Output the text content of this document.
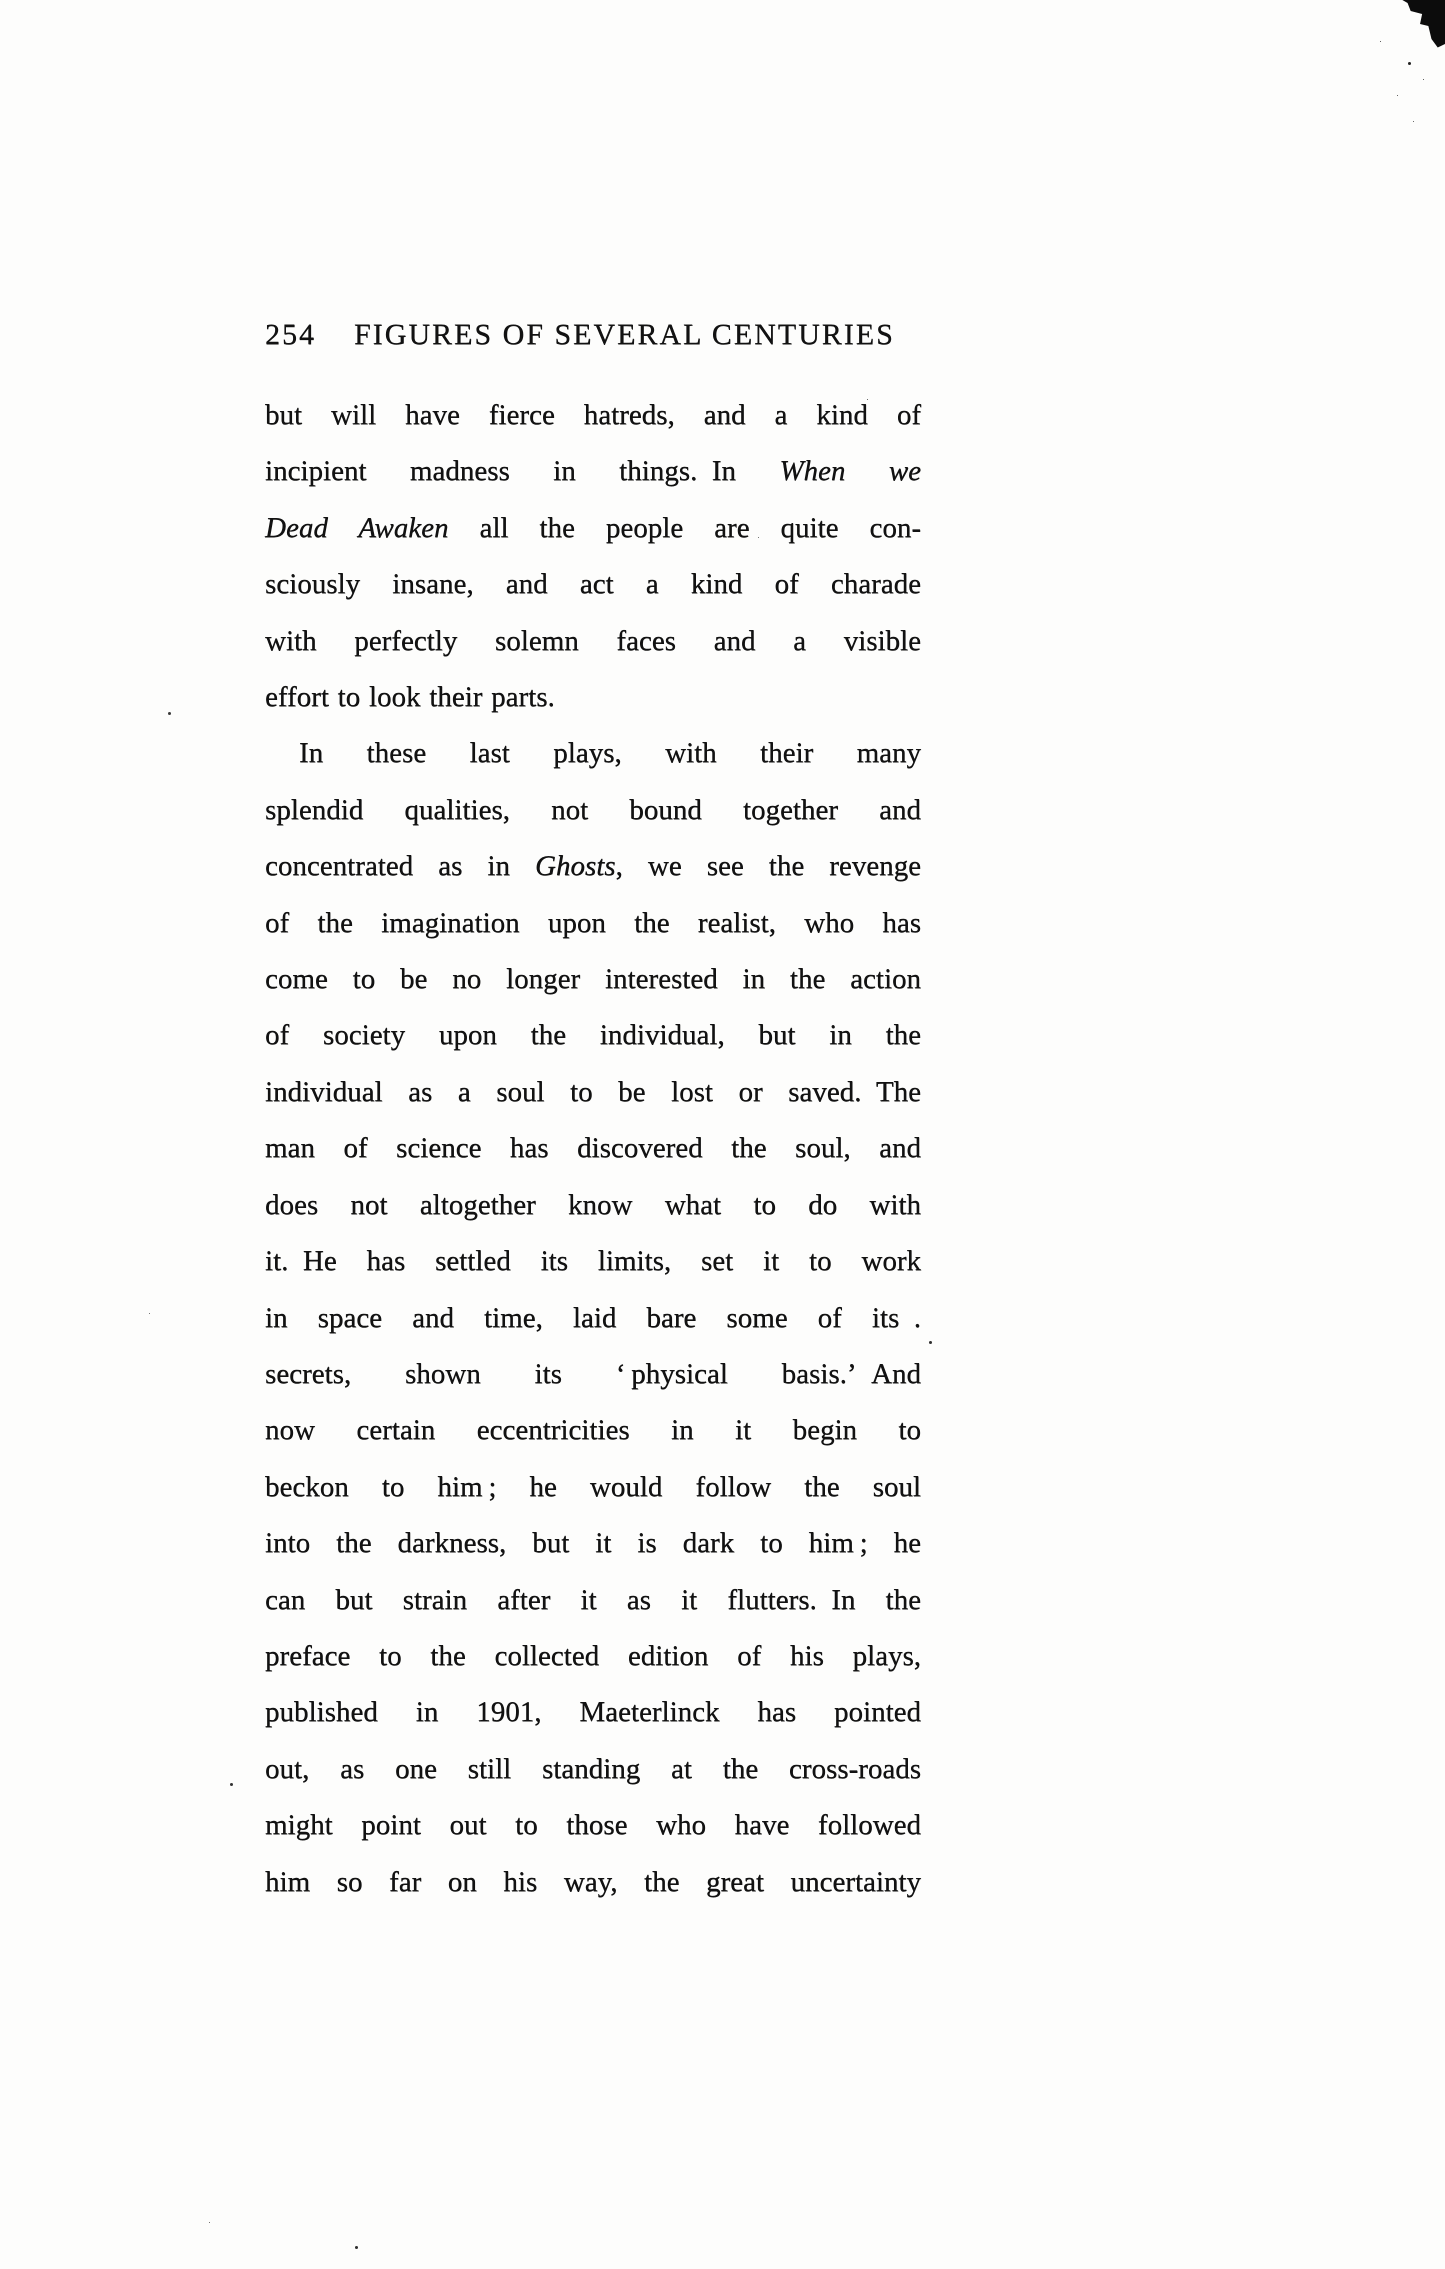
254 FIGURES OF SEVERAL CENTURIES
but will have fierce hatreds, and a kind of
incipient madness in things. In When we
Dead Awaken all the people are quite con-
sciously insane, and act a kind of charade
with perfectly solemn faces and a visible
effort to look their parts.
In these last plays, with their many
splendid qualities, not bound together and
concentrated as in Ghosts, we see the revenge
of the imagination upon the realist, who has
come to be no longer interested in the action
of society upon the individual, but in the
individual as a soul to be lost or saved. The
man of science has discovered the soul, and
does not altogether know what to do with
it. He has settled its limits, set it to work
in space and time, laid bare some of its .
secrets, shown its ‘ physical basis.’ And
now certain eccentricities in it begin to
beckon to him ; he would follow the soul
into the darkness, but it is dark to him ; he
can but strain after it as it flutters. In the
preface to the collected edition of his plays,
published in 1901, Maeterlinck has pointed
out, as one still standing at the cross-roads
might point out to those who have followed
him so far on his way, the great uncertainty
